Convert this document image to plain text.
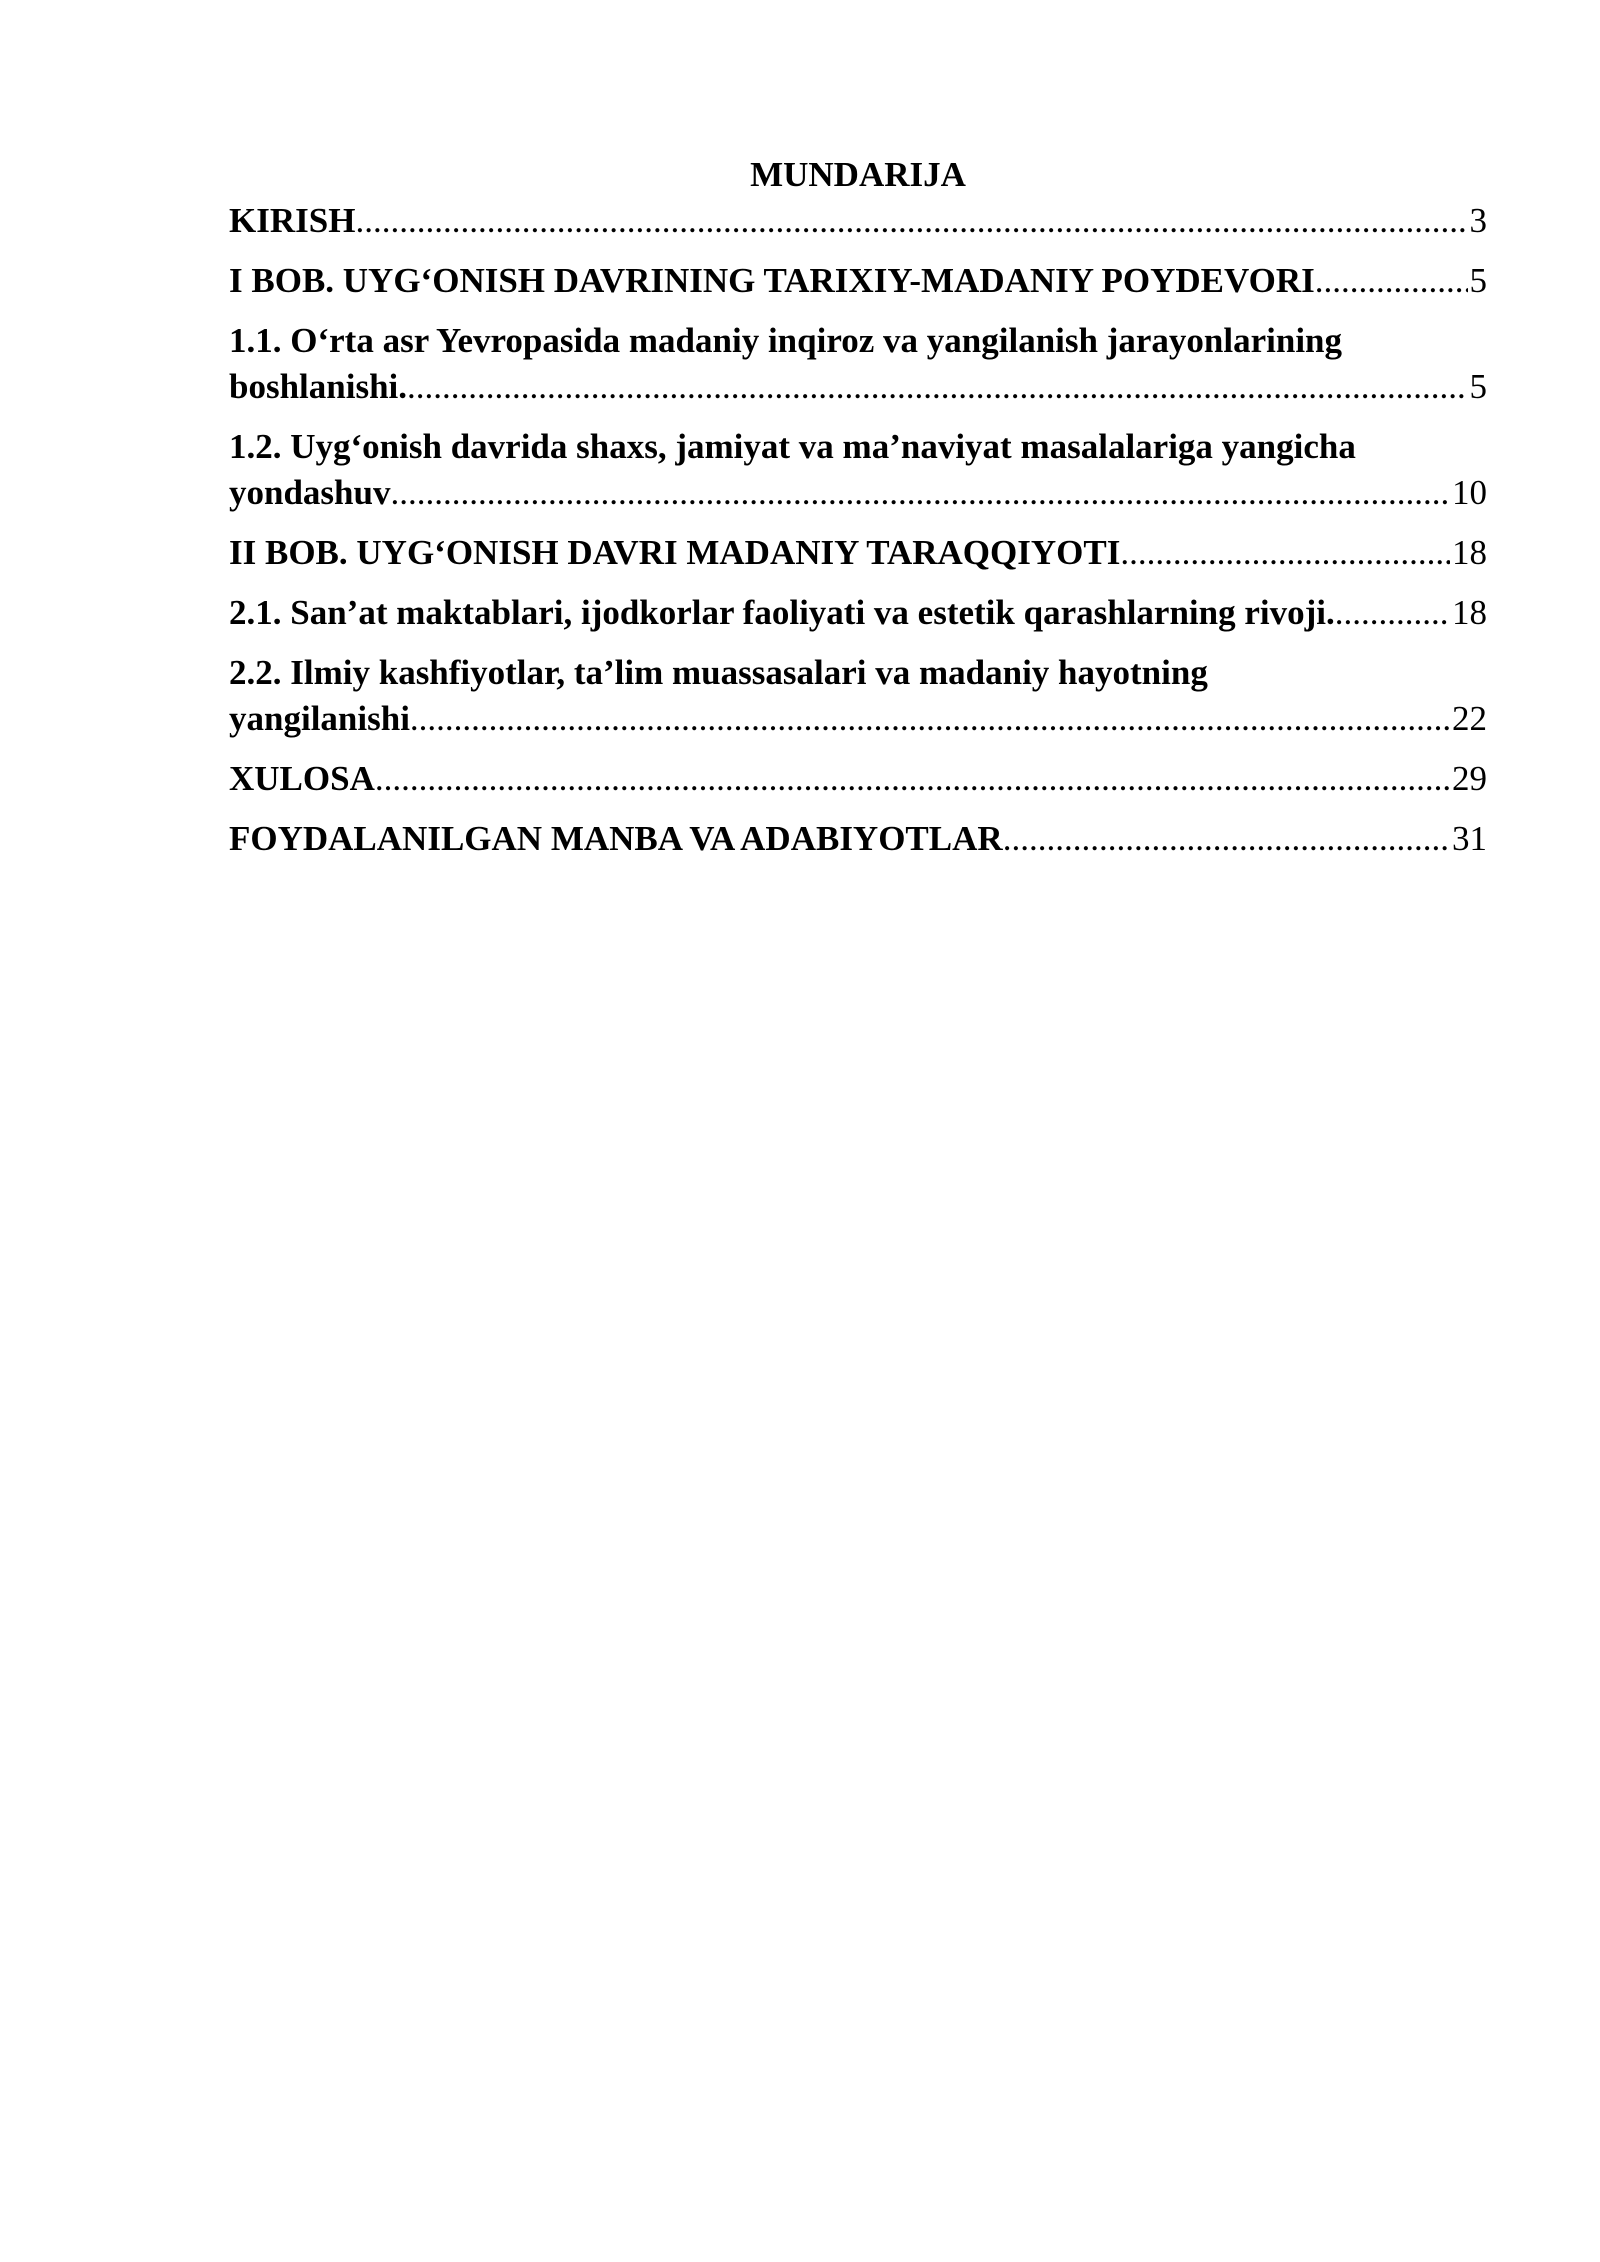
MUNDARIJA
KIRISH .....	3
I BOB. UYG‘ONISH DAVRINING TARIXIY-MADANIY POYDEVORI .....	5
1.1. O‘rta asr Yevropasida madaniy inqiroz va yangilanish jarayonlarining
boshlanishi. .....	5
1.2. Uyg‘onish davrida shaxs, jamiyat va ma’naviyat masalalariga yangicha
yondashuv .....	10
II BOB. UYG‘ONISH DAVRI MADANIY TARAQQIYOTI .....	18
2.1. San’at maktablari, ijodkorlar faoliyati va estetik qarashlarning rivoji. .....	18
2.2. Ilmiy kashfiyotlar, ta’lim muassasalari va madaniy hayotning
yangilanishi .....	22
XULOSA .....	29
FOYDALANILGAN MANBA VA ADABIYOTLAR .....	31
